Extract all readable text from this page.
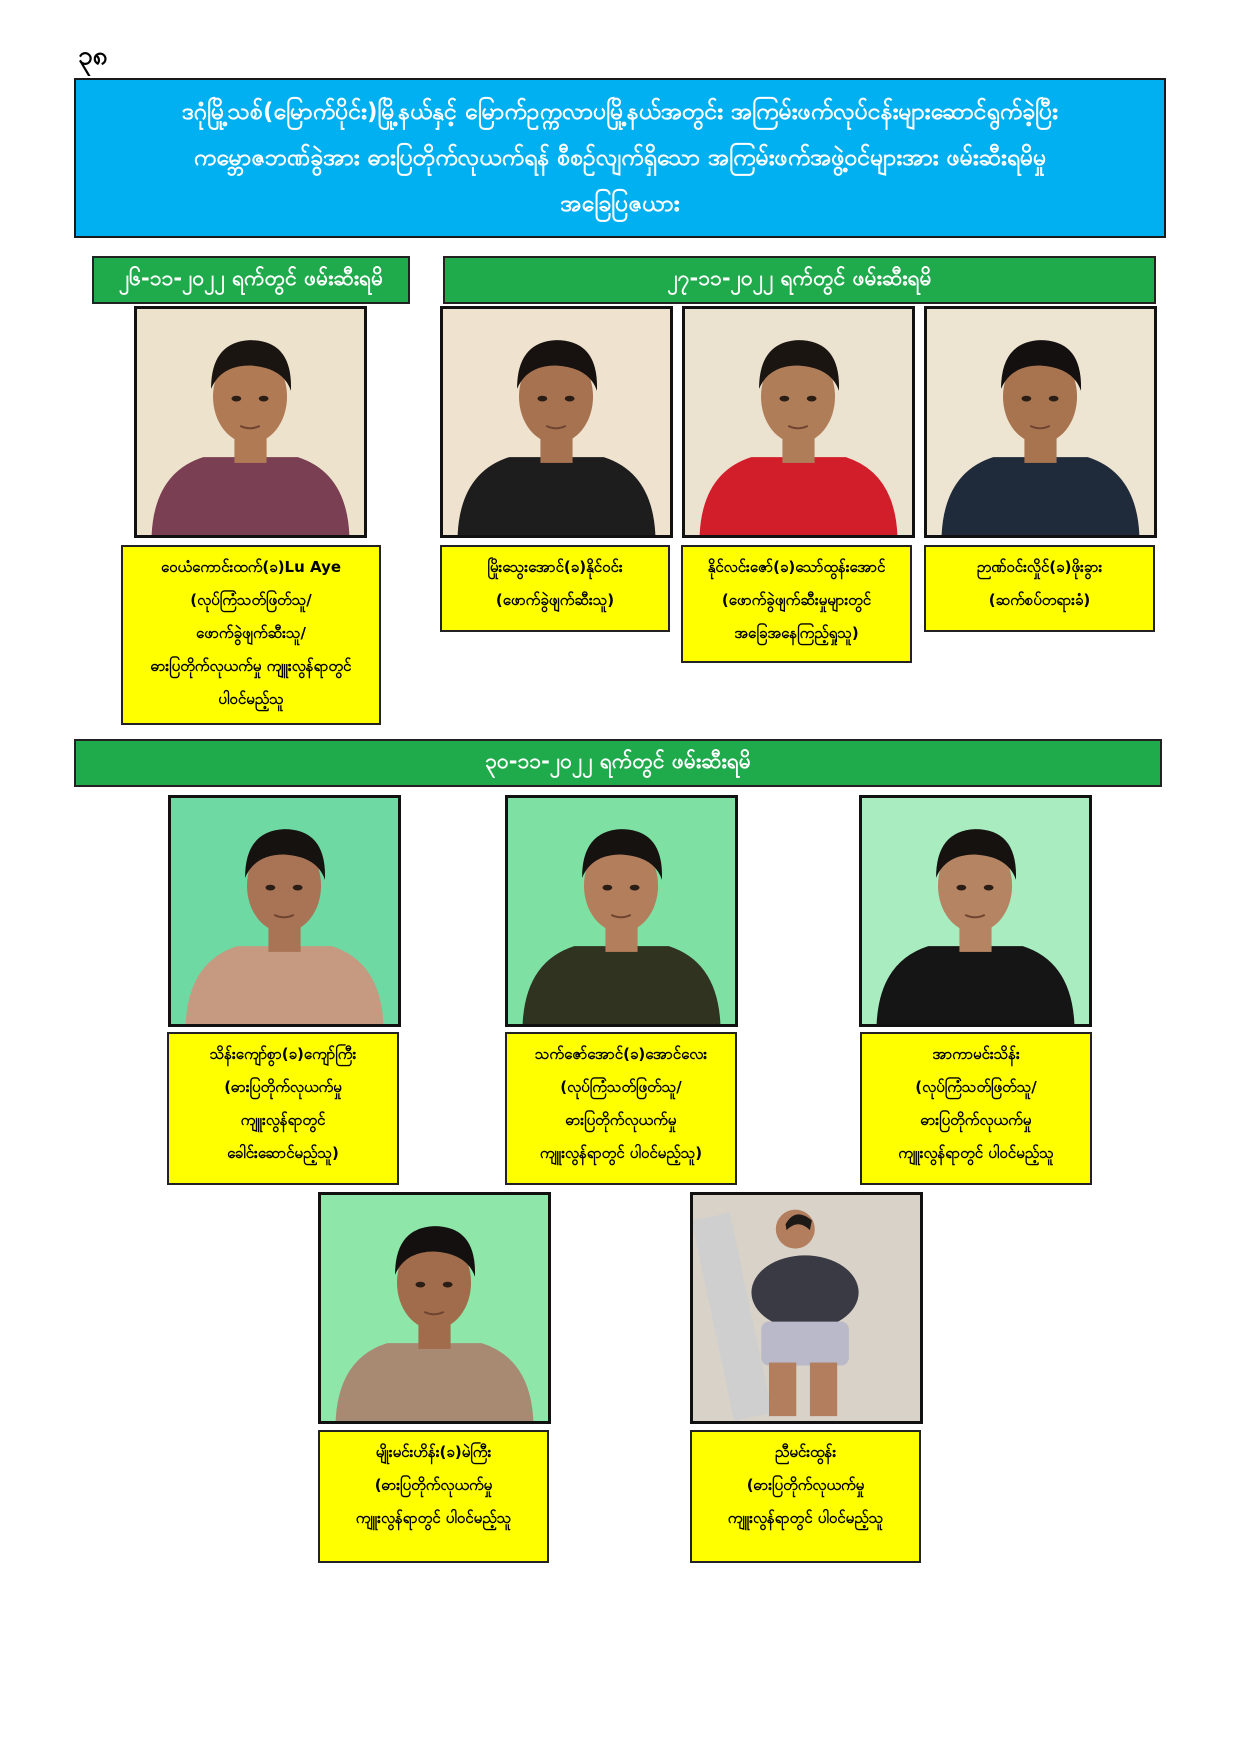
၃၈
ဒဂုံမြို့သစ်(မြောက်ပိုင်း)မြို့နယ်နှင့် မြောက်ဥက္ကလာပမြို့နယ်အတွင်း အကြမ်းဖက်လုပ်ငန်းများဆောင်ရွက်ခဲ့ပြီး
ကမ္ဘောဇဘဏ်ခွဲအား ဓားပြတိုက်လုယက်ရန် စီစဉ်လျက်ရှိသော အကြမ်းဖက်အဖွဲ့ဝင်များအား ဖမ်းဆီးရမိမှု
အခြေပြဇယား
၂၆-၁၁-၂၀၂၂ ရက်တွင် ဖမ်းဆီးရမိ	၂၇-၁၁-၂၀၂၂ ရက်တွင် ဖမ်းဆီးရမိ
၃၀-၁၁-၂၀၂၂ ရက်တွင် ဖမ်းဆီးရမိ
ဝေယံကောင်းထက်(ခ)Lu Aye
(လုပ်ကြံသတ်ဖြတ်သူ/
ဖောက်ခွဲဖျက်ဆီးသူ/
ဓားပြတိုက်လုယက်မှု ကျူးလွန်ရာတွင်
ပါဝင်မည့်သူ
မြိုးသွေးအောင်(ခ)နိုင်ဝင်း
(ဖောက်ခွဲဖျက်ဆီးသူ)
နိုင်လင်းဇော်(ခ)သော်ထွန်းအောင်
(ဖောက်ခွဲဖျက်ဆီးမှုများတွင်
အခြေအနေကြည့်ရှုသူ)
ဉာဏ်ဝင်းလှိုင်(ခ)ဖိုးခွား
(ဆက်စပ်တရားခံ)
သိန်းကျော်စွာ(ခ)ကျော်ကြီး
(ဓားပြတိုက်လုယက်မှု
ကျူးလွန်ရာတွင်
ခေါင်းဆောင်မည့်သူ)
သက်ဇော်အောင်(ခ)အောင်လေး
(လုပ်ကြံသတ်ဖြတ်သူ/
ဓားပြတိုက်လုယက်မှု
ကျူးလွန်ရာတွင် ပါဝင်မည့်သူ)
အာကာမင်းသိန်း
(လုပ်ကြံသတ်ဖြတ်သူ/
ဓားပြတိုက်လုယက်မှု
ကျူးလွန်ရာတွင် ပါဝင်မည့်သူ
မျိုးမင်းဟိန်း(ခ)မဲကြီး
(ဓားပြတိုက်လုယက်မှု
ကျူးလွန်ရာတွင် ပါဝင်မည့်သူ
ညီမင်းထွန်း
(ဓားပြတိုက်လုယက်မှု
ကျူးလွန်ရာတွင် ပါဝင်မည့်သူ
